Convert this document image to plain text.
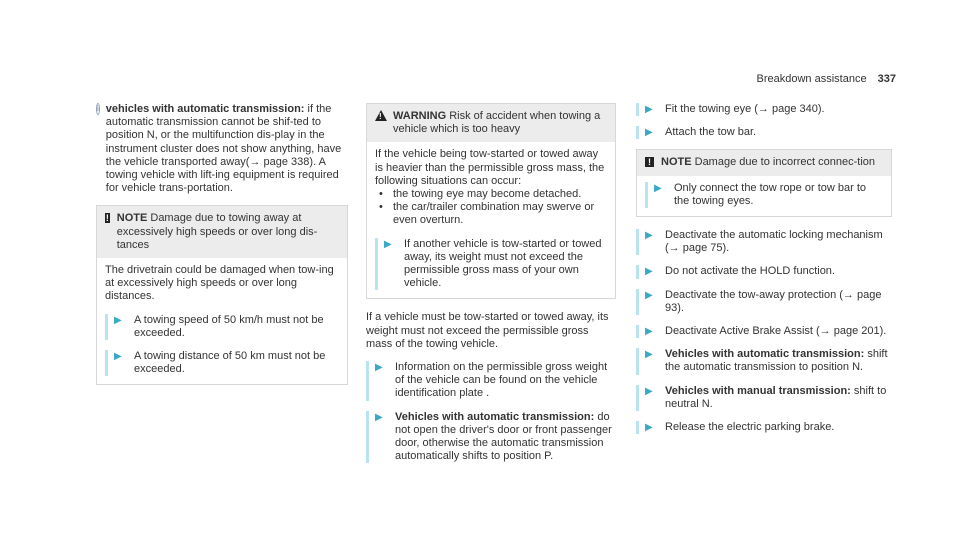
Breakdown assistance 337
i vehicles with automatic transmission: if the automatic transmission cannot be shif-ted to position N, or the multifunction dis-play in the instrument cluster does not show anything, have the vehicle transported away(→ page 338). A towing vehicle with lift-ing equipment is required for vehicle trans-portation.

! NOTE Damage due to towing away at excessively high speeds or over long dis-tances

The drivetrain could be damaged when tow-ing at excessively high speeds or over long distances.

▶	A towing speed of 50 km/h must not be exceeded.
▶	A towing distance of 50 km must not be exceeded.
!

WARNING Risk of accident when towing a vehicle which is too heavy

If the vehicle being tow-started or towed away is heavier than the permissible gross mass, the following situations can occur:

• the towing eye may become detached.
• the car/trailer combination may swerve or even overturn.
▶	If another vehicle is tow-started or towed away, its weight must not exceed the permissible gross mass of your own vehicle.

If a vehicle must be tow-started or towed away, its weight must not exceed the permissible gross mass of the towing vehicle.

▶	Information on the permissible gross weight of the vehicle can be found on the vehicle identification plate .
▶	Vehicles with automatic transmission: do not open the driver's door or front passenger door, otherwise the automatic transmission automatically shifts to position P.
▶	Fit the towing eye (→ page 340).
▶	Attach the tow bar.
! NOTE Damage due to incorrect connec-tion

▶	Only connect the tow rope or tow bar to the towing eyes.
▶	Deactivate the automatic locking mechanism (→ page 75).
▶	Do not activate the HOLD function.
▶	Deactivate the tow-away protection (→ page 93).
▶	Deactivate Active Brake Assist (→ page 201).
▶	Vehicles with automatic transmission: shift the automatic transmission to position N.
▶	Vehicles with manual transmission: shift to neutral N.
▶	Release the electric parking brake.
